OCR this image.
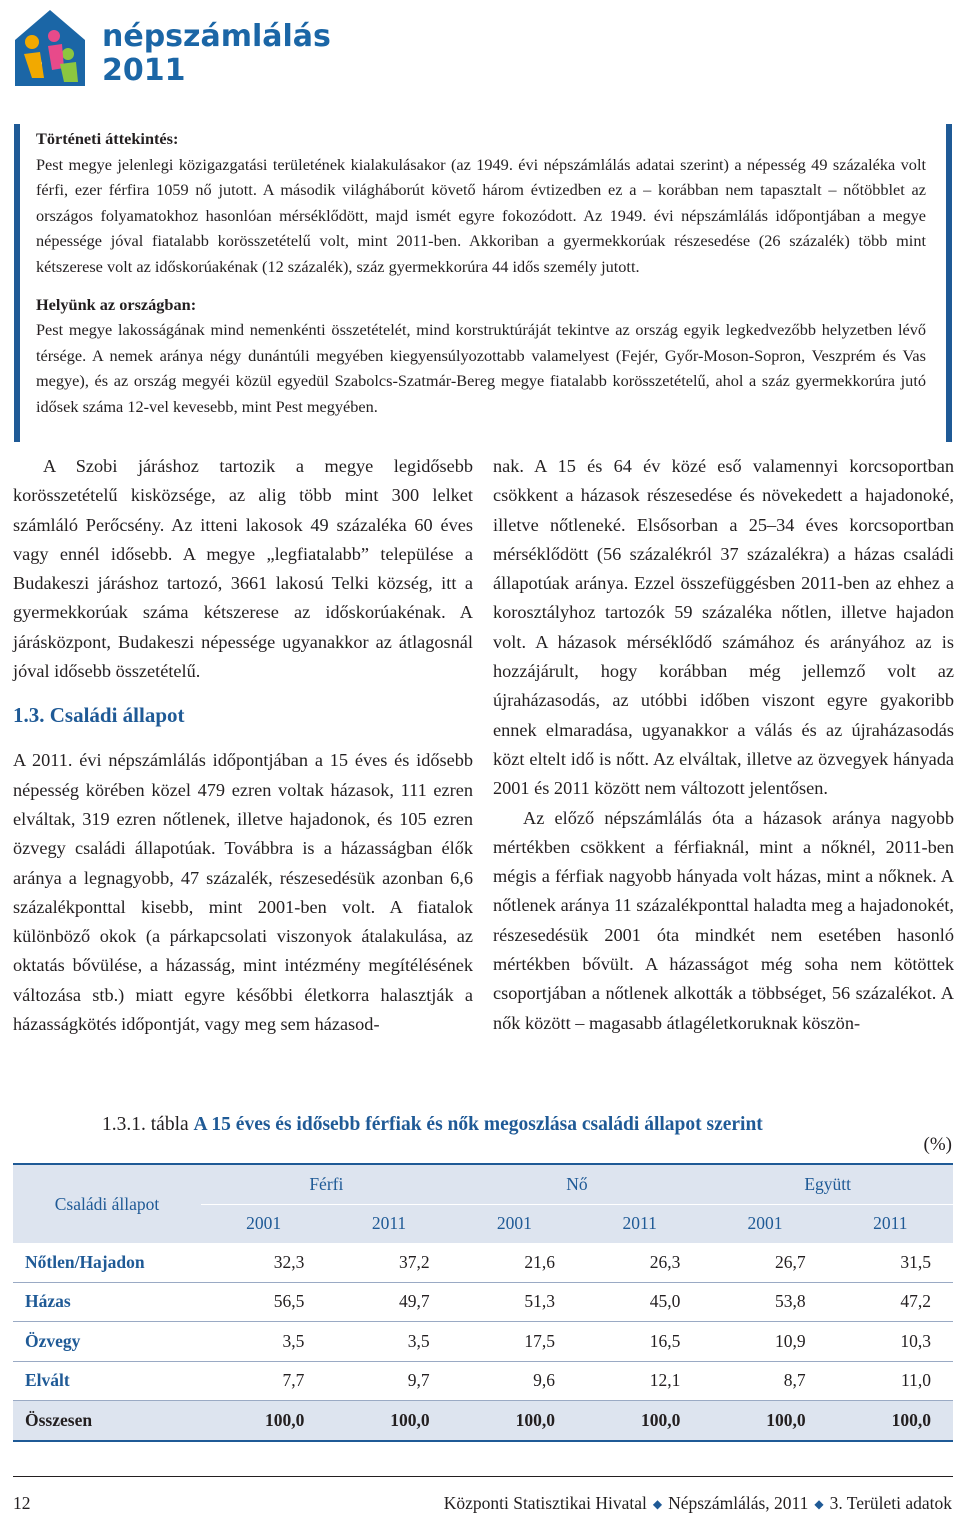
népszámlálás
2011
Történeti áttekintés:

Pest megye jelenlegi közigazgatási területének kialakulásakor (az 1949. évi népszámlálás adatai szerint) a népesség 49 százaléka volt férfi, ezer férfira 1059 nő jutott. A második világháborút követő három évtizedben ez a – korábban nem tapasztalt – nőtöbblet az országos folyamatokhoz hasonlóan mérséklődött, majd ismét egyre fokozódott. Az 1949. évi népszámlálás időpontjában a megye népessége jóval fiatalabb korösszetételű volt, mint 2011-ben. Akkoriban a gyermekkorúak részesedése (26 százalék) több mint kétszerese volt az időskorúakénak (12 százalék), száz gyermekkorúra 44 idős személy jutott.

Helyünk az országban:

Pest megye lakosságának mind nemenkénti összetételét, mind korstruktúráját tekintve az ország egyik legkedvezőbb helyzetben lévő térsége. A nemek aránya négy dunántúli megyében kiegyensúlyozottabb valamelyest (Fejér, Győr-Moson-Sopron, Veszprém és Vas megye), és az ország megyéi közül egyedül Szabolcs-Szatmár-Bereg megye fiatalabb korösszetételű, ahol a száz gyermekkorúra jutó idősek száma 12-vel kevesebb, mint Pest megyében.

A Szobi járáshoz tartozik a megye legidősebb korösszetételű kisközsége, az alig több mint 300 lelket számláló Perőcsény. Az itteni lakosok 49 százaléka 60 éves vagy ennél idősebb. A megye „legfiatalabb” települése a Budakeszi járáshoz tartozó, 3661 lakosú Telki község, itt a gyermekkorúak száma kétszerese az időskorúakénak. A járásközpont, Budakeszi népessége ugyanakkor az átlagosnál jóval idősebb összetételű.

1.3. Családi állapot

A 2011. évi népszámlálás időpontjában a 15 éves és idősebb népesség körében közel 479 ezren voltak házasok, 111 ezren elváltak, 319 ezren nőtlenek, illetve hajadonok, és 105 ezren özvegy családi állapotúak. Továbbra is a házasságban élők aránya a legnagyobb, 47 százalék, részesedésük azonban 6,6 százalékponttal kisebb, mint 2001-ben volt. A fiatalok különböző okok (a párkapcsolati viszonyok átalakulása, az oktatás bővülése, a házasság, mint intézmény megítélésének változása stb.) miatt egyre későbbi életkorra halasztják a házasságkötés időpontját, vagy meg sem házasod-

nak. A 15 és 64 év közé eső valamennyi korcsoportban csökkent a házasok részesedése és növekedett a hajadonoké, illetve nőtleneké. Elsősorban a 25–34 éves korcsoportban mérséklődött (56 százalékról 37 százalékra) a házas családi állapotúak aránya. Ezzel összefüggésben 2011-ben az ehhez a korosztályhoz tartozók 59 százaléka nőtlen, illetve hajadon volt. A házasok mérséklődő számához és arányához az is hozzájárult, hogy korábban még jellemző volt az újraházasodás, az utóbbi időben viszont egyre gyakoribb ennek elmaradása, ugyanakkor a válás és az újraházasodás közt eltelt idő is nőtt. Az elváltak, illetve az özvegyek hányada 2001 és 2011 között nem változott jelentősen.

Az előző népszámlálás óta a házasok aránya nagyobb mértékben csökkent a férfiaknál, mint a nőknél, 2011-ben mégis a férfiak nagyobb hányada volt házas, mint a nőknek. A nőtlenek aránya 11 százalékponttal haladta meg a hajadonokét, részesedésük 2001 óta mindkét nem esetében hasonló mértékben bővült. A házasságot még soha nem kötöttek csoportjában a nőtlenek alkották a többséget, 56 százalékot. A nők között – magasabb átlagéletkoruknak köszön-

1.3.1. tábla A 15 éves és idősebb férfiak és nők megoszlása családi állapot szerint
(%)
Családi állapot	Férfi		Nő		Együtt	
	2001	2011	2001	2011	2001	2011
Nőtlen/Hajadon	32,3	37,2	21,6	26,3	26,7	31,5
Házas	56,5	49,7	51,3	45,0	53,8	47,2
Özvegy	3,5	3,5	17,5	16,5	10,9	10,3
Elvált	7,7	9,7	9,6	12,1	8,7	11,0
Összesen	100,0	100,0	100,0	100,0	100,0	100,0
12	Központi Statisztikai Hivatal ◆ Népszámlálás, 2011 ◆ 3. Területi adatok
